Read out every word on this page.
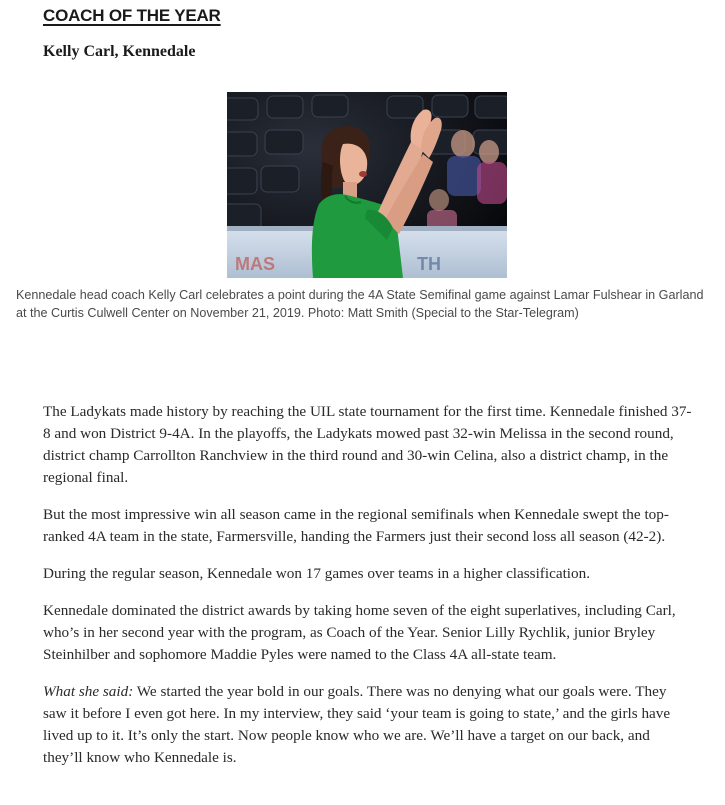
COACH OF THE YEAR
Kelly Carl, Kennedale
MAS	TH
Kennedale head coach Kelly Carl celebrates a point during the 4A State Semifinal game against Lamar Fulshear in Garland at the Curtis Culwell Center on November 21, 2019. Photo: Matt Smith (Special to the Star-Telegram)

The Ladykats made history by reaching the UIL state tournament for the first time. Kennedale finished 37-8 and won District 9-4A. In the playoffs, the Ladykats mowed past 32-win Melissa in the second round, district champ Carrollton Ranchview in the third round and 30-win Celina, also a district champ, in the regional final.

But the most impressive win all season came in the regional semifinals when Kennedale swept the top-ranked 4A team in the state, Farmersville, handing the Farmers just their second loss all season (42-2).

During the regular season, Kennedale won 17 games over teams in a higher classification.

Kennedale dominated the district awards by taking home seven of the eight superlatives, including Carl, who’s in her second year with the program, as Coach of the Year. Senior Lilly Rychlik, junior Bryley Steinhilber and sophomore Maddie Pyles were named to the Class 4A all-state team.

What she said: We started the year bold in our goals. There was no denying what our goals were. They saw it before I even got here. In my interview, they said ‘your team is going to state,’ and the girls have lived up to it. It’s only the start. Now people know who we are. We’ll have a target on our back, and they’ll know who Kennedale is.
